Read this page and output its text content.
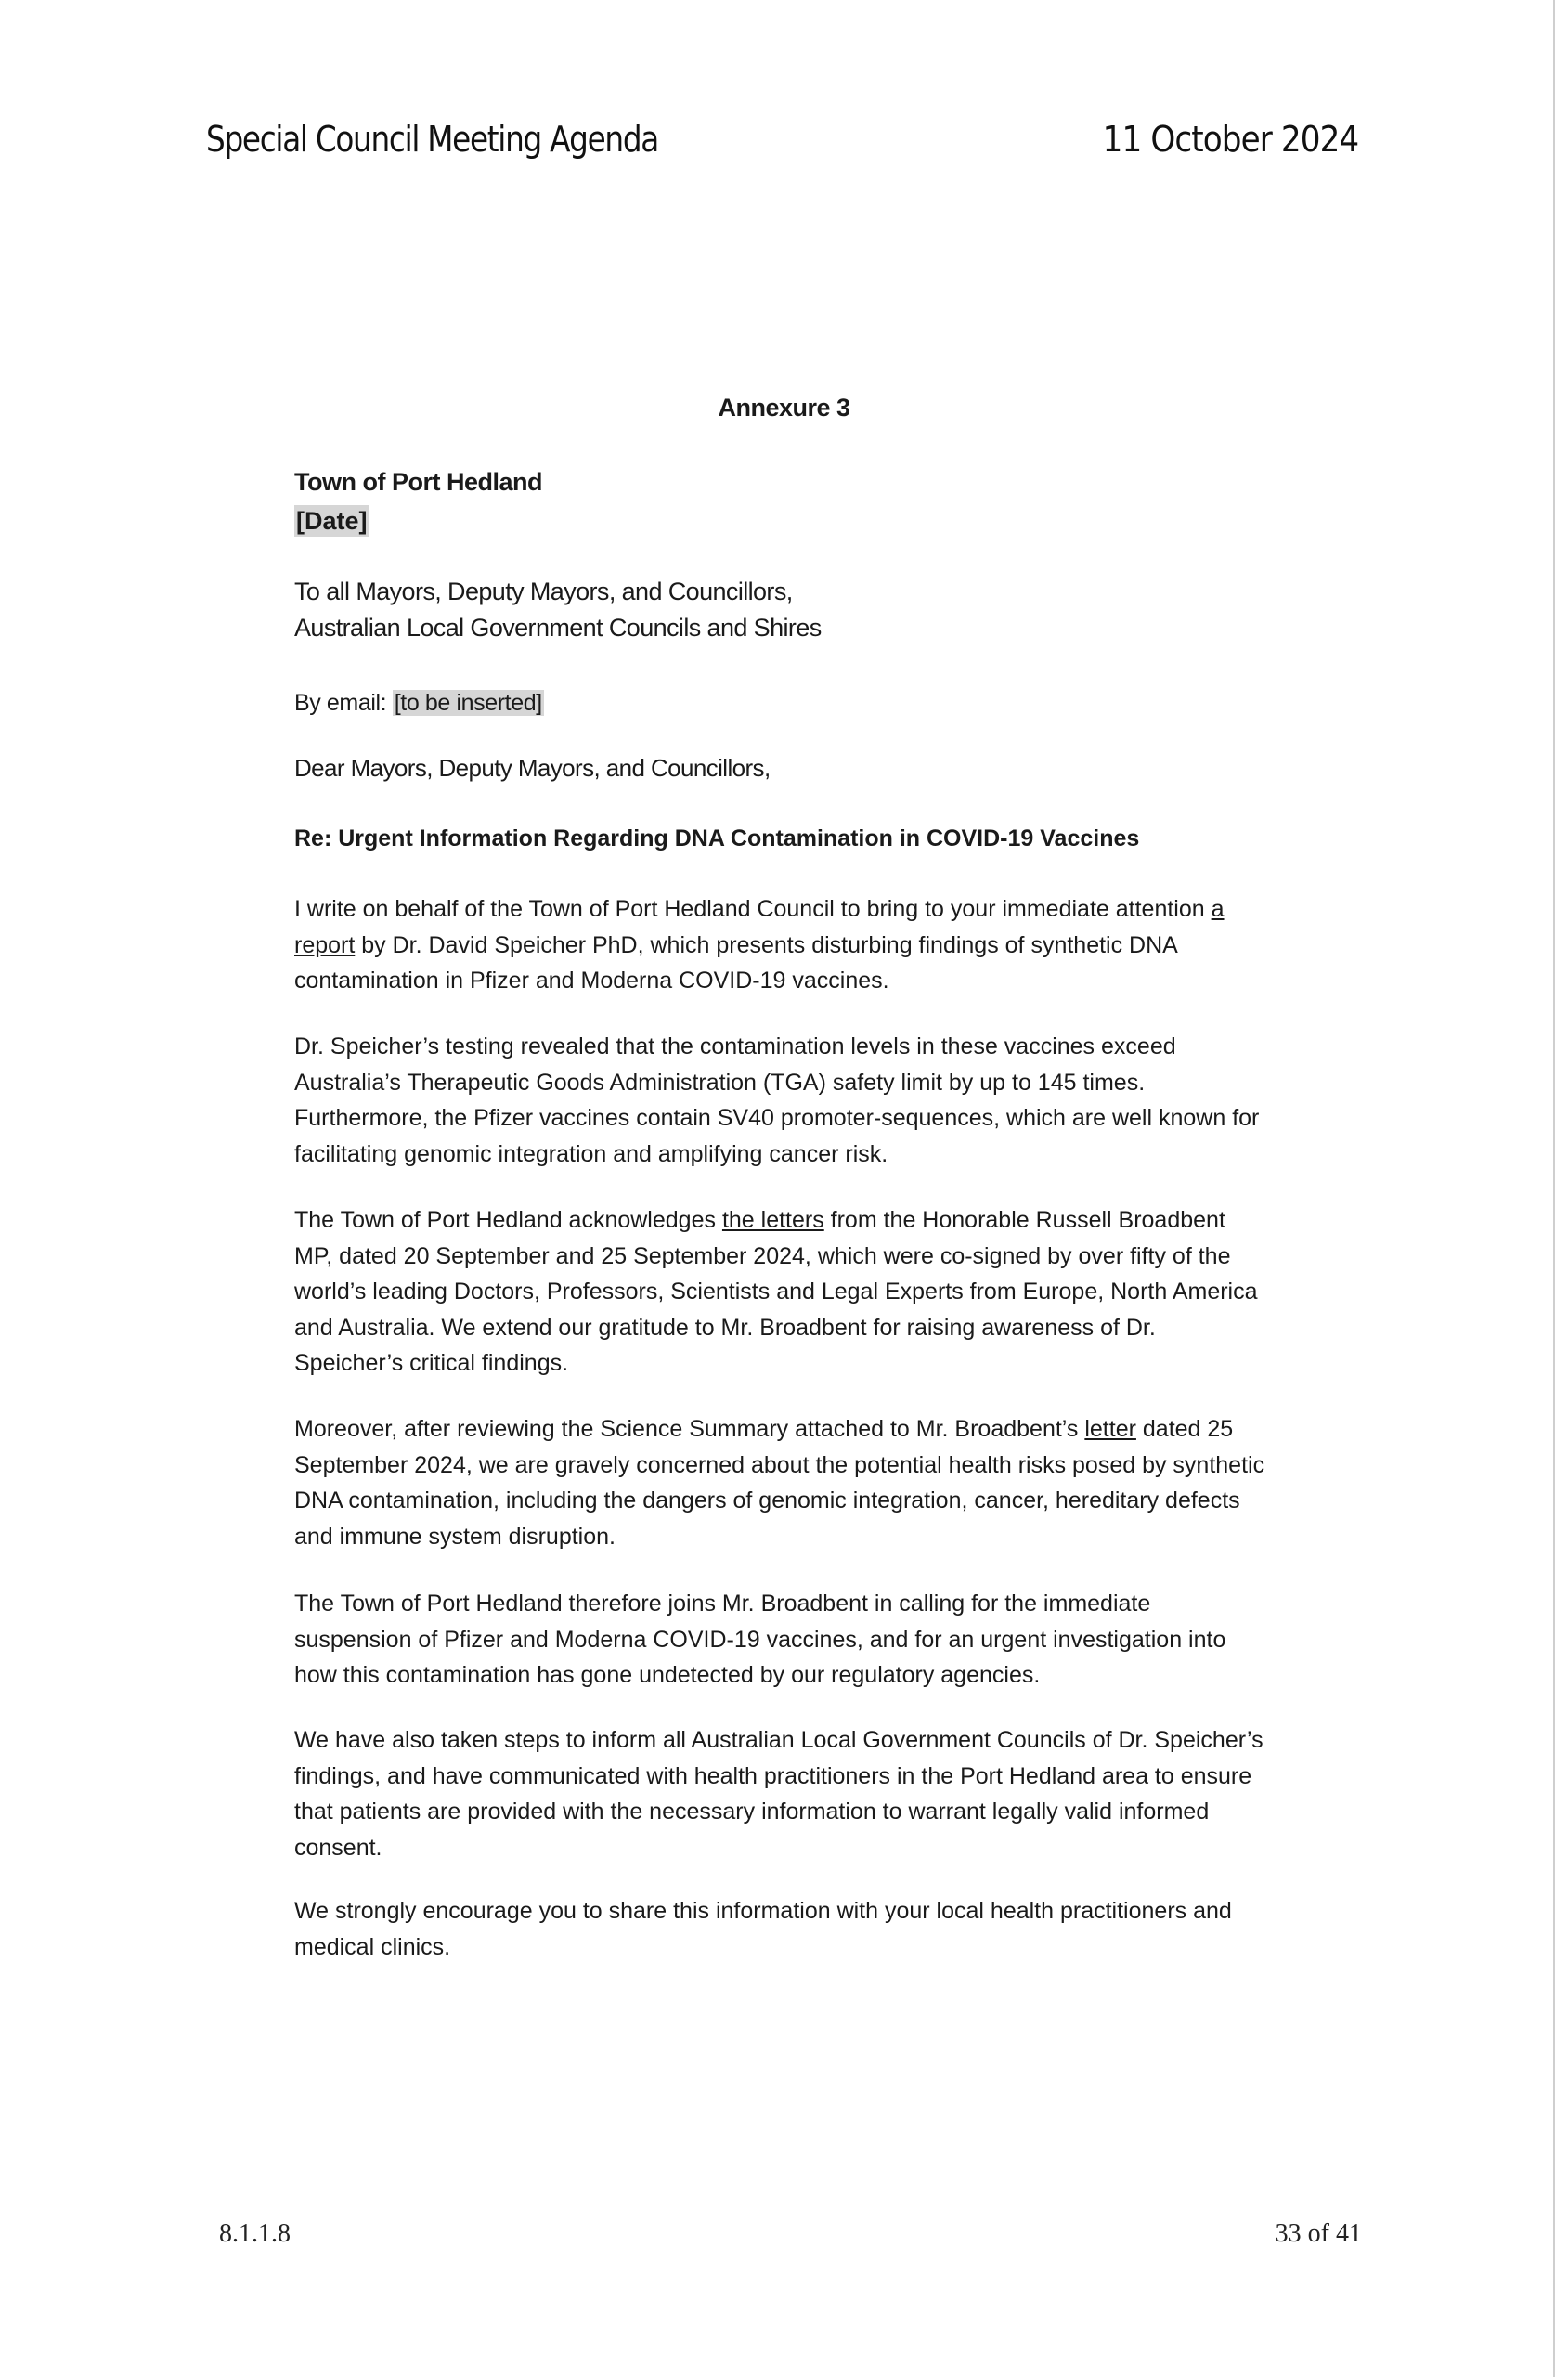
Special Council Meeting Agenda	11 October 2024
Annexure 3
Town of Port Hedland
[Date]
To all Mayors, Deputy Mayors, and Councillors,
Australian Local Government Councils and Shires
By email: [to be inserted]
Dear Mayors, Deputy Mayors, and Councillors,
Re: Urgent Information Regarding DNA Contamination in COVID-19 Vaccines
I write on behalf of the Town of Port Hedland Council to bring to your immediate attention a report by Dr. David Speicher PhD, which presents disturbing findings of synthetic DNA contamination in Pfizer and Moderna COVID-19 vaccines.
Dr. Speicher’s testing revealed that the contamination levels in these vaccines exceed Australia’s Therapeutic Goods Administration (TGA) safety limit by up to 145 times. Furthermore, the Pfizer vaccines contain SV40 promoter-sequences, which are well known for facilitating genomic integration and amplifying cancer risk.
The Town of Port Hedland acknowledges the letters from the Honorable Russell Broadbent MP, dated 20 September and 25 September 2024, which were co-signed by over fifty of the world’s leading Doctors, Professors, Scientists and Legal Experts from Europe, North America and Australia. We extend our gratitude to Mr. Broadbent for raising awareness of Dr. Speicher’s critical findings.
Moreover, after reviewing the Science Summary attached to Mr. Broadbent’s letter dated 25 September 2024, we are gravely concerned about the potential health risks posed by synthetic DNA contamination, including the dangers of genomic integration, cancer, hereditary defects and immune system disruption.
The Town of Port Hedland therefore joins Mr. Broadbent in calling for the immediate suspension of Pfizer and Moderna COVID-19 vaccines, and for an urgent investigation into how this contamination has gone undetected by our regulatory agencies.
We have also taken steps to inform all Australian Local Government Councils of Dr. Speicher’s findings, and have communicated with health practitioners in the Port Hedland area to ensure that patients are provided with the necessary information to warrant legally valid informed consent.
We strongly encourage you to share this information with your local health practitioners and medical clinics.
8.1.1.8	33 of 41
